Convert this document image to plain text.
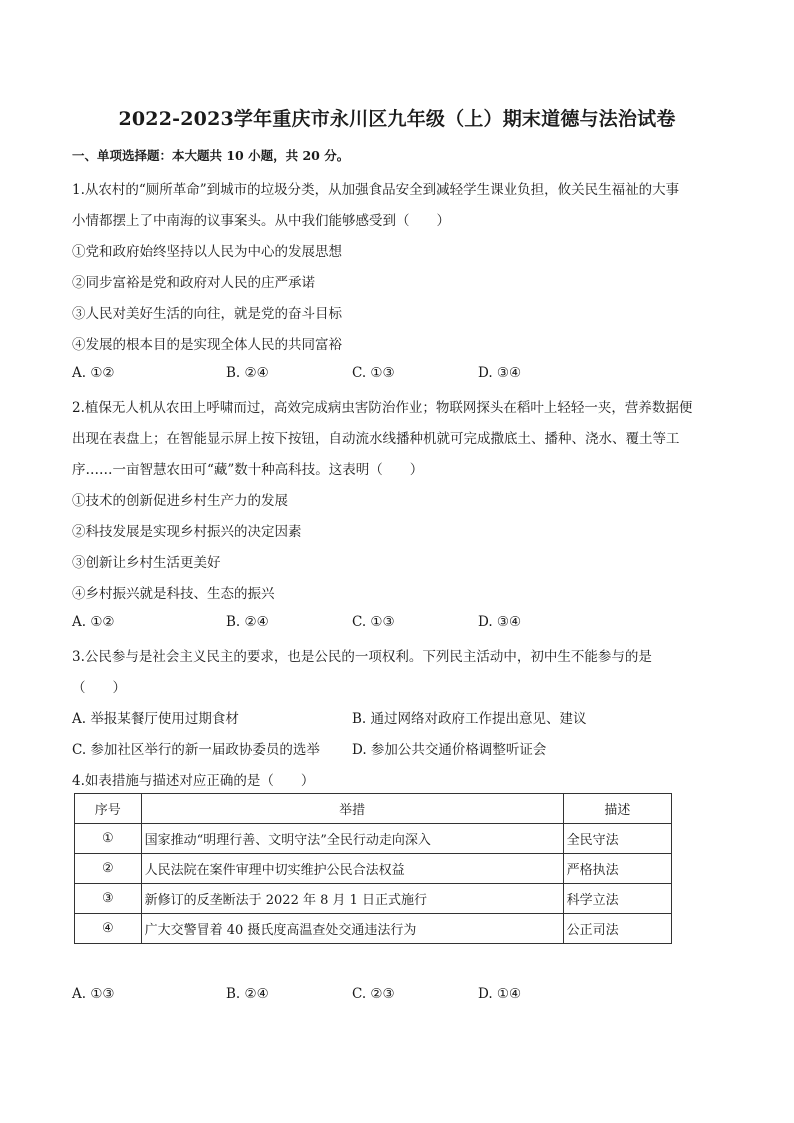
2022-2023学年重庆市永川区九年级（上）期末道德与法治试卷
一、单项选择题：本大题共 10 小题，共 20 分。
1.从农村的“厕所革命”到城市的垃圾分类，从加强食品安全到减轻学生课业负担，攸关民生福祉的大事
小情都摆上了中南海的议事案头。从中我们能够感受到（　　）
①党和政府始终坚持以人民为中心的发展思想
②同步富裕是党和政府对人民的庄严承诺
③人民对美好生活的向往，就是党的奋斗目标
④发展的根本目的是实现全体人民的共同富裕
A. ①②	B. ②④	C. ①③	D. ③④
2.植保无人机从农田上呼啸而过，高效完成病虫害防治作业；物联网探头在稻叶上轻轻一夹，营养数据便
出现在表盘上；在智能显示屏上按下按钮，自动流水线播种机就可完成撒底土、播种、浇水、覆土等工
序……一亩智慧农田可“藏”数十种高科技。这表明（　　）
①技术的创新促进乡村生产力的发展
②科技发展是实现乡村振兴的决定因素
③创新让乡村生活更美好
④乡村振兴就是科技、生态的振兴
A. ①②	B. ②④	C. ①③	D. ③④
3.公民参与是社会主义民主的要求，也是公民的一项权利。下列民主活动中，初中生不能参与的是
（　　）
A. 举报某餐厅使用过期食材	B. 通过网络对政府工作提出意见、建议
C. 参加社区举行的新一届政协委员的选举 D. 参加公共交通价格调整听证会
4.如表措施与描述对应正确的是（　　）
序号	举措	描述
①	国家推动“明理行善、文明守法”全民行动走向深入	全民守法
②	人民法院在案件审理中切实维护公民合法权益	严格执法
③	新修订的反垄断法于 2022 年 8 月 1 日正式施行	科学立法
④	广大交警冒着 40 摄氏度高温查处交通违法行为	公正司法
A. ①③	B. ②④	C. ②③	D. ①④
